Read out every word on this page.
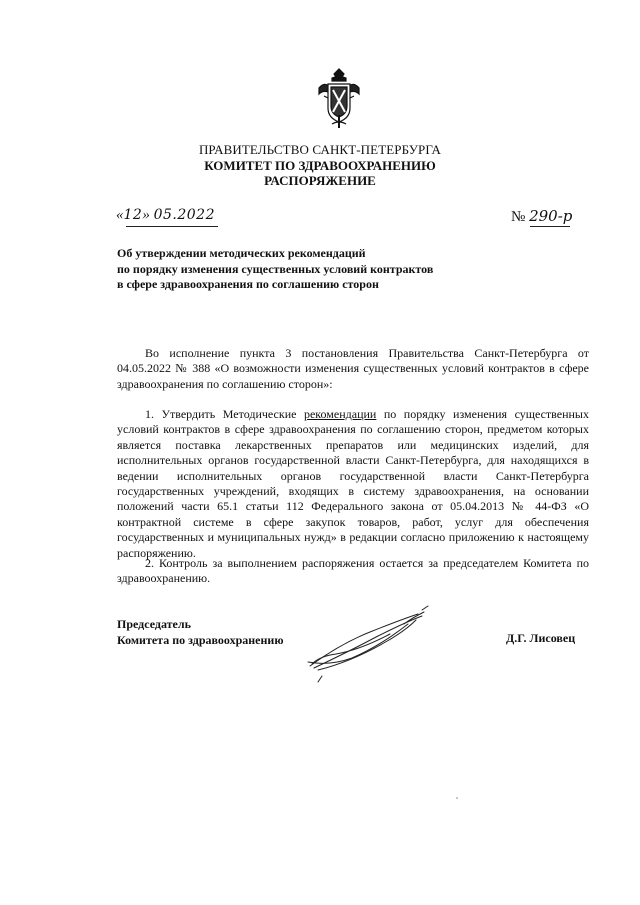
ПРАВИТЕЛЬСТВО САНКТ-ПЕТЕРБУРГА
КОМИТЕТ ПО ЗДРАВООХРАНЕНИЮ
РАСПОРЯЖЕНИЕ
«12» 05.2022	№ 290-р
Об утверждении методических рекомендаций
по порядку изменения существенных условий контрактов
в сфере здравоохранения по соглашению сторон
Во исполнение пункта 3 постановления Правительства Санкт-Петербурга от 04.05.2022 № 388 «О возможности изменения существенных условий контрактов в сфере здравоохранения по соглашению сторон»:
1. Утвердить Методические рекомендации по порядку изменения существенных условий контрактов в сфере здравоохранения по соглашению сторон, предметом которых является поставка лекарственных препаратов или медицинских изделий, для исполнительных органов государственной власти Санкт-Петербурга, для находящихся в ведении исполнительных органов государственной власти Санкт-Петербурга государственных учреждений, входящих в систему здравоохранения, на основании положений части 65.1 статьи 112 Федерального закона от 05.04.2013 № 44-ФЗ «О контрактной системе в сфере закупок товаров, работ, услуг для обеспечения государственных и муниципальных нужд» в редакции согласно приложению к настоящему распоряжению.
2. Контроль за выполнением распоряжения остается за председателем Комитета по здравоохранению.
Председатель
Комитета по здравоохранению	Д.Г. Лисовец
